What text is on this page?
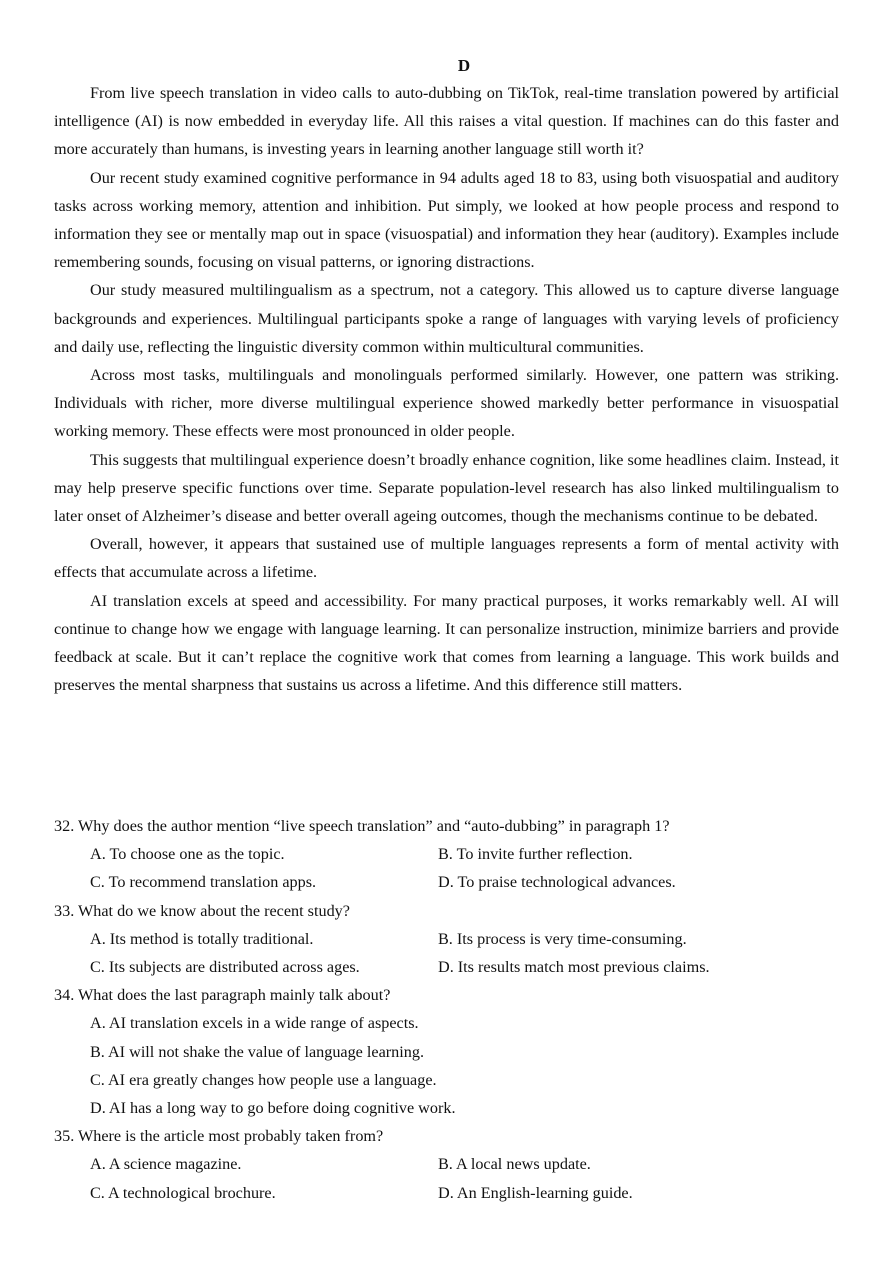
D

From live speech translation in video calls to auto-dubbing on TikTok, real-time translation powered by artificial intelligence (AI) is now embedded in everyday life. All this raises a vital question. If machines can do this faster and more accurately than humans, is investing years in learning another language still worth it?

Our recent study examined cognitive performance in 94 adults aged 18 to 83, using both visuospatial and auditory tasks across working memory, attention and inhibition. Put simply, we looked at how people process and respond to information they see or mentally map out in space (visuospatial) and information they hear (auditory). Examples include remembering sounds, focusing on visual patterns, or ignoring distractions.

Our study measured multilingualism as a spectrum, not a category. This allowed us to capture diverse language backgrounds and experiences. Multilingual participants spoke a range of languages with varying levels of proficiency and daily use, reflecting the linguistic diversity common within multicultural communities.

Across most tasks, multilinguals and monolinguals performed similarly. However, one pattern was striking. Individuals with richer, more diverse multilingual experience showed markedly better performance in visuospatial working memory. These effects were most pronounced in older people.

This suggests that multilingual experience doesn’t broadly enhance cognition, like some headlines claim. Instead, it may help preserve specific functions over time. Separate population-level research has also linked multilingualism to later onset of Alzheimer’s disease and better overall ageing outcomes, though the mechanisms continue to be debated.

Overall, however, it appears that sustained use of multiple languages represents a form of mental activity with effects that accumulate across a lifetime.

AI translation excels at speed and accessibility. For many practical purposes, it works remarkably well. AI will continue to change how we engage with language learning. It can personalize instruction, minimize barriers and provide feedback at scale. But it can’t replace the cognitive work that comes from learning a language. This work builds and preserves the mental sharpness that sustains us across a lifetime. And this difference still matters.

32. Why does the author mention “live speech translation” and “auto-dubbing” in paragraph 1?

A. To choose one as the topic.	B. To invite further reflection.
C. To recommend translation apps.	D. To praise technological advances.

33. What do we know about the recent study?

A. Its method is totally traditional.	B. Its process is very time-consuming.
C. Its subjects are distributed across ages.	D. Its results match most previous claims.

34. What does the last paragraph mainly talk about?

A. AI translation excels in a wide range of aspects.
B. AI will not shake the value of language learning.
C. AI era greatly changes how people use a language.
D. AI has a long way to go before doing cognitive work.

35. Where is the article most probably taken from?

A. A science magazine.	B. A local news update.
C. A technological brochure.	D. An English-learning guide.
